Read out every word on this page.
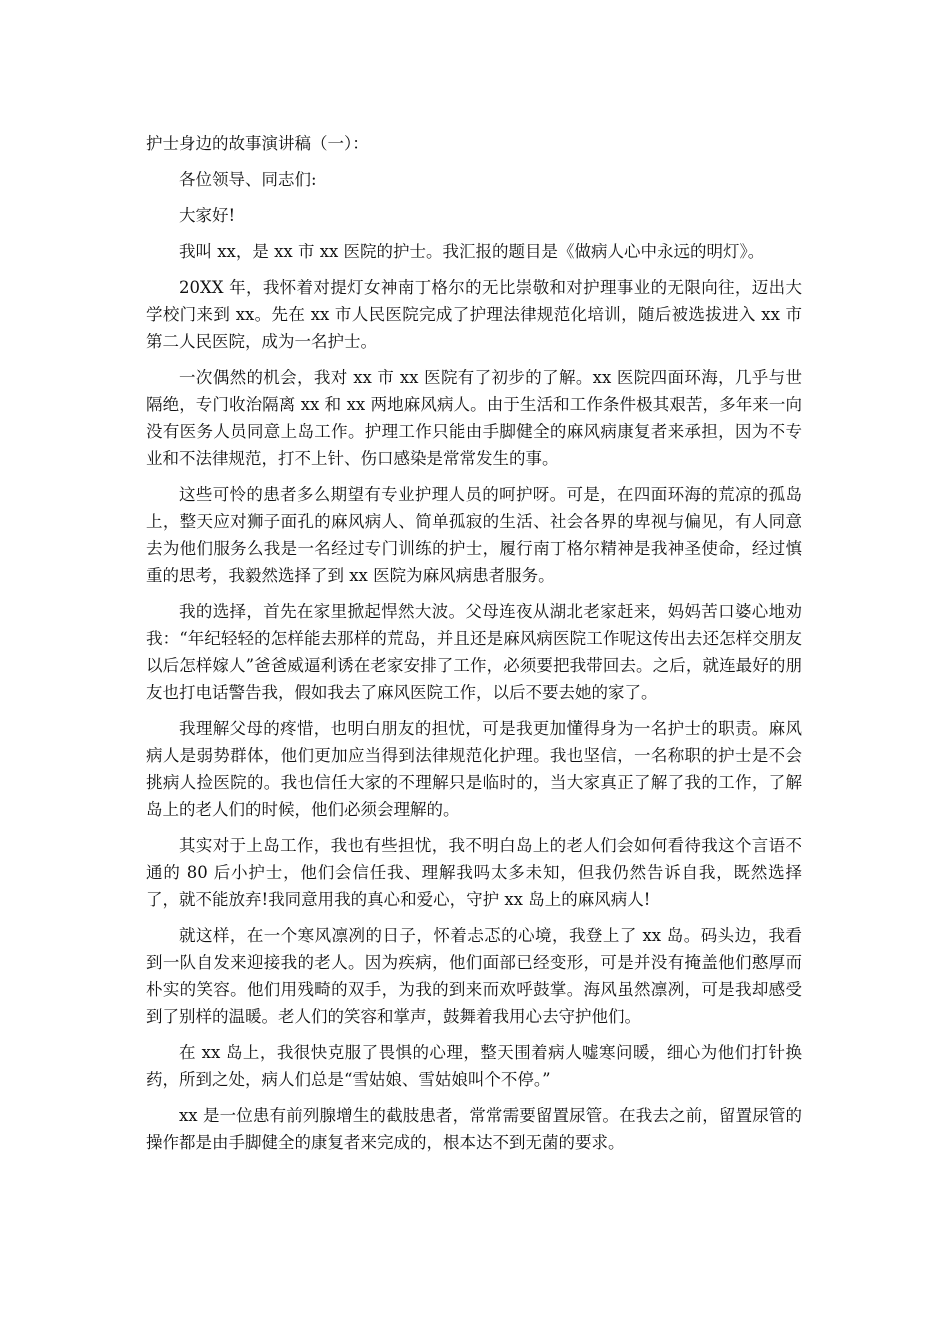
护士身边的故事演讲稿（一）：

各位领导、同志们:

大家好!

我叫 xx，是 xx 市 xx 医院的护士。我汇报的题目是《做病人心中永远的明灯》。

20XX 年，我怀着对提灯女神南丁格尔的无比崇敬和对护理事业的无限向往，迈出大学校门来到 xx。先在 xx 市人民医院完成了护理法律规范化培训，随后被选拔进入 xx 市第二人民医院，成为一名护士。

一次偶然的机会，我对 xx 市 xx 医院有了初步的了解。xx 医院四面环海，几乎与世隔绝，专门收治隔离 xx 和 xx 两地麻风病人。由于生活和工作条件极其艰苦，多年来一向没有医务人员同意上岛工作。护理工作只能由手脚健全的麻风病康复者来承担，因为不专业和不法律规范，打不上针、伤口感染是常常发生的事。

这些可怜的患者多么期望有专业护理人员的呵护呀。可是，在四面环海的荒凉的孤岛上，整天应对狮子面孔的麻风病人、简单孤寂的生活、社会各界的卑视与偏见，有人同意去为他们服务么我是一名经过专门训练的护士，履行南丁格尔精神是我神圣使命，经过慎重的思考，我毅然选择了到 xx 医院为麻风病患者服务。

我的选择，首先在家里掀起悍然大波。父母连夜从湖北老家赶来，妈妈苦口婆心地劝我：“年纪轻轻的怎样能去那样的荒岛，并且还是麻风病医院工作呢这传出去还怎样交朋友以后怎样嫁人”爸爸威逼利诱在老家安排了工作，必须要把我带回去。之后，就连最好的朋友也打电话警告我，假如我去了麻风医院工作，以后不要去她的家了。

我理解父母的疼惜，也明白朋友的担忧，可是我更加懂得身为一名护士的职责。麻风病人是弱势群体，他们更加应当得到法律规范化护理。我也坚信，一名称职的护士是不会挑病人捡医院的。我也信任大家的不理解只是临时的，当大家真正了解了我的工作，了解岛上的老人们的时候，他们必须会理解的。

其实对于上岛工作，我也有些担忧，我不明白岛上的老人们会如何看待我这个言语不通的 80 后小护士，他们会信任我、理解我吗太多未知，但我仍然告诉自我，既然选择了，就不能放弃!我同意用我的真心和爱心，守护 xx 岛上的麻风病人!

就这样，在一个寒风凛冽的日子，怀着忐忑的心境，我登上了 xx 岛。码头边，我看到一队自发来迎接我的老人。因为疾病，他们面部已经变形，可是并没有掩盖他们憨厚而朴实的笑容。他们用残畸的双手，为我的到来而欢呼鼓掌。海风虽然凛冽，可是我却感受到了别样的温暖。老人们的笑容和掌声，鼓舞着我用心去守护他们。

在 xx 岛上，我很快克服了畏惧的心理，整天围着病人嘘寒问暖，细心为他们打针换药，所到之处，病人们总是“雪姑娘、雪姑娘叫个不停。”

xx 是一位患有前列腺增生的截肢患者，常常需要留置尿管。在我去之前，留置尿管的操作都是由手脚健全的康复者来完成的，根本达不到无菌的要求。
